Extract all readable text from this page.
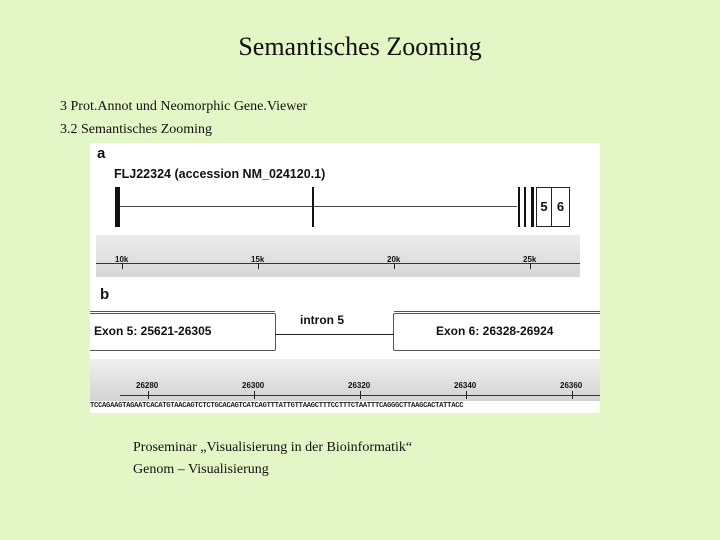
Semantisches Zooming
3 Prot.Annot und Neomorphic Gene.Viewer
3.2 Semantisches Zooming
a
FLJ22324 (accession NM_024120.1)
5 6
10k	15k	20k	25k
b
Exon 5: 25621-26305
intron 5
Exon 6: 26328-26924
26280	26300	26320	26340	26360
TCCAGAAGTAGAATCACATGTAACAGTCTCTGCACAGTCATCAGTTTATTGTTAAGCTTTCCTTTCTAATTTCAGGGCTTAAGCACTATTACC
Proseminar „Visualisierung in der Bioinformatik“
Genom – Visualisierung
